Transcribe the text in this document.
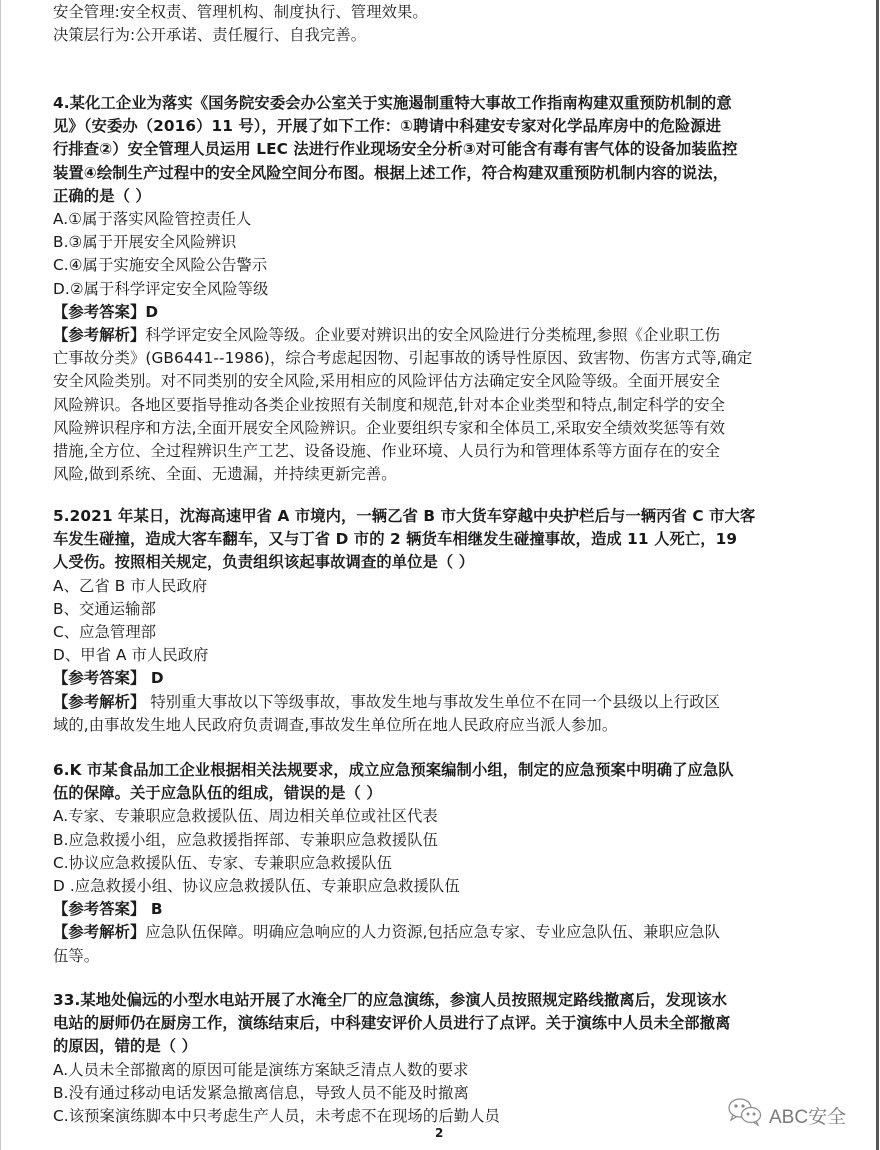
安全管理:安全权责、管理机构、制度执行、管理效果。
决策层行为:公开承诺、责任履行、自我完善。
4.某化工企业为落实《国务院安委会办公室关于实施遏制重特大事故工作指南构建双重预防机制的意
见》（安委办（2016）11 号），开展了如下工作：①聘请中科建安专家对化学品库房中的危险源进
行排查②）安全管理人员运用 LEC 法进行作业现场安全分析③对可能含有毒有害气体的设备加装监控
装置④绘制生产过程中的安全风险空间分布图。根据上述工作，符合构建双重预防机制内容的说法，
正确的是（ ）
A.①属于落实风险管控责任人
B.③属于开展安全风险辨识
C.④属于实施安全风险公告警示
D.②属于科学评定安全风险等级
【参考答案】D
【参考解析】科学评定安全风险等级。企业要对辨识出的安全风险进行分类梳理,参照《企业职工伤
亡事故分类》(GB6441--1986)，综合考虑起因物、引起事故的诱导性原因、致害物、伤害方式等,确定
安全风险类别。对不同类别的安全风险,采用相应的风险评估方法确定安全风险等级。全面开展安全
风险辨识。各地区要指导推动各类企业按照有关制度和规范,针对本企业类型和特点,制定科学的安全
风险辨识程序和方法,全面开展安全风险辨识。企业要组织专家和全体员工,采取安全绩效奖惩等有效
措施,全方位、全过程辨识生产工艺、设备设施、作业环境、人员行为和管理体系等方面存在的安全
风险,做到系统、全面、无遗漏，并持续更新完善。
5.2021 年某日，沈海高速甲省 A 市境内，一辆乙省 B 市大货车穿越中央护栏后与一辆丙省 C 市大客
车发生碰撞，造成大客车翻车，又与丁省 D 市的 2 辆货车相继发生碰撞事故，造成 11 人死亡，19
人受伤。按照相关规定，负责组织该起事故调查的单位是（ ）
A、乙省 B 市人民政府
B、交通运输部
C、应急管理部
D、甲省 A 市人民政府
【参考答案】 D
【参考解析】 特别重大事故以下等级事故，事故发生地与事故发生单位不在同一个县级以上行政区
域的,由事故发生地人民政府负责调查,事故发生单位所在地人民政府应当派人参加。
6.K 市某食品加工企业根据相关法规要求，成立应急预案编制小组，制定的应急预案中明确了应急队
伍的保障。关于应急队伍的组成，错误的是（ ）
A.专家、专兼职应急救援队伍、周边相关单位或社区代表
B.应急救援小组，应急救援指挥部、专兼职应急救援队伍
C.协议应急救援队伍、专家、专兼职应急救援队伍
D .应急救援小组、协议应急救援队伍、专兼职应急救援队伍
【参考答案】 B
【参考解析】应急队伍保障。明确应急响应的人力资源,包括应急专家、专业应急队伍、兼职应急队
伍等。
33.某地处偏远的小型水电站开展了水淹全厂的应急演练，参演人员按照规定路线撤离后，发现该水
电站的厨师仍在厨房工作，演练结束后，中科建安评价人员进行了点评。关于演练中人员未全部撤离
的原因，错的是（ ）
A.人员未全部撤离的原因可能是演练方案缺乏清点人数的要求
B.没有通过移动电话发紧急撤离信息，导致人员不能及时撤离
C.该预案演练脚本中只考虑生产人员，未考虑不在现场的后勤人员
2
ABC安全
